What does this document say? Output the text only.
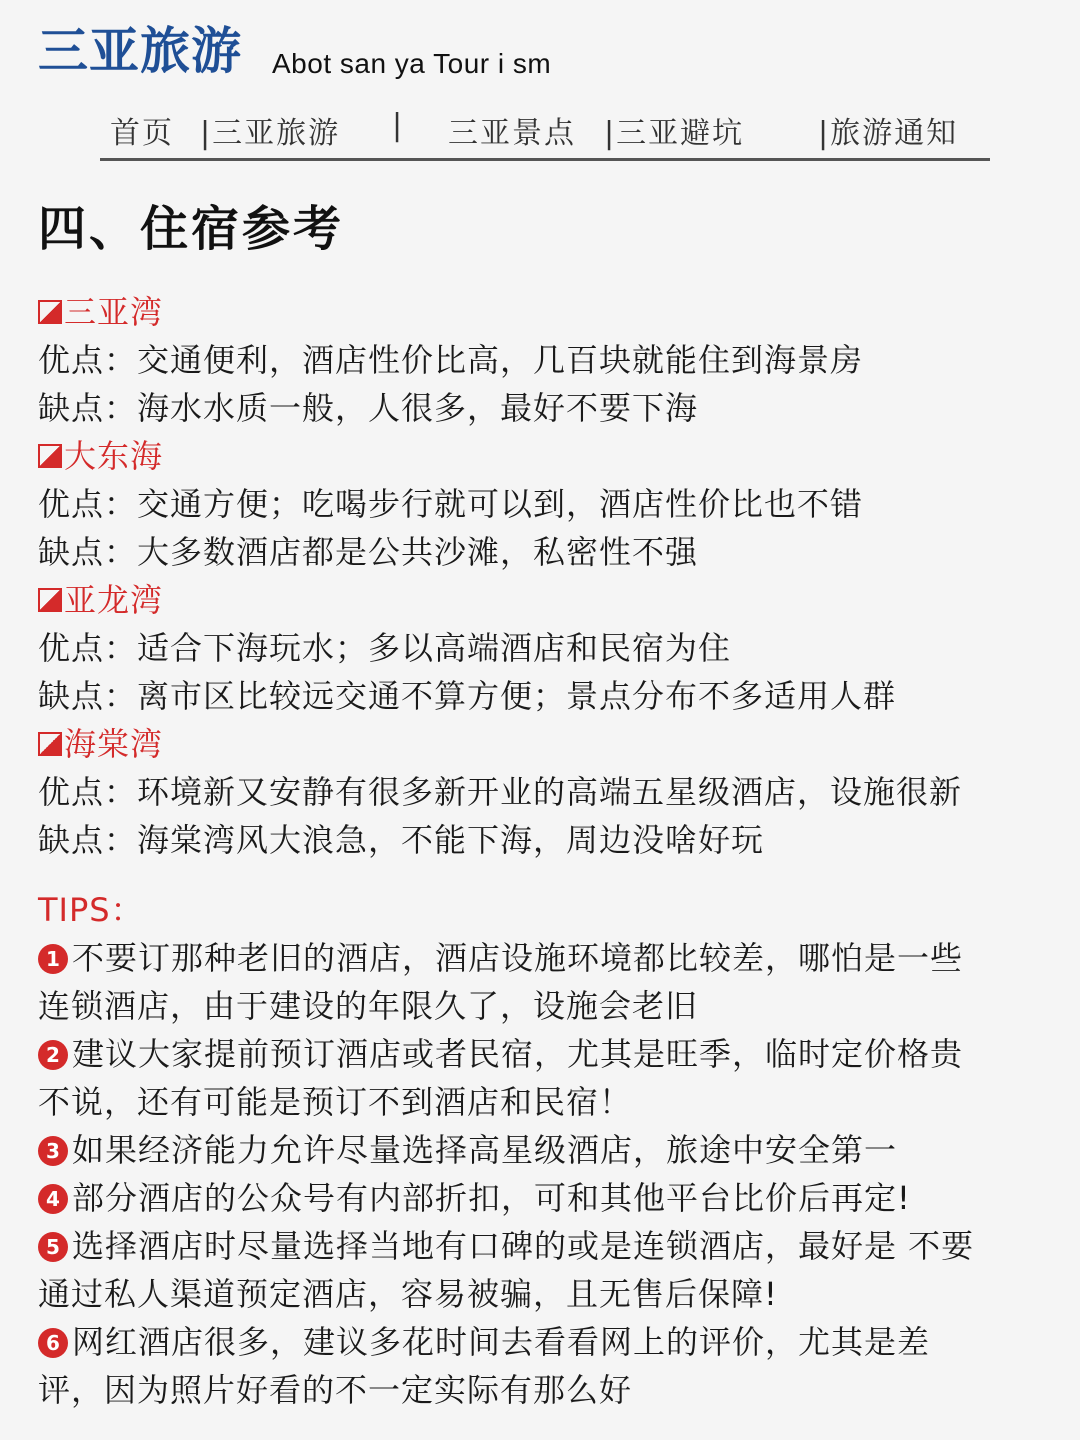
三亚旅游 Abot san ya Tour i sm
首页 |三亚旅游 | 三亚景点 |三亚避坑 |旅游通知
四、住宿参考
三亚湾
优点：交通便利，酒店性价比高，几百块就能住到海景房
缺点：海水水质一般，人很多，最好不要下海
大东海
优点：交通方便；吃喝步行就可以到，酒店性价比也不错
缺点：大多数酒店都是公共沙滩，私密性不强
亚龙湾
优点：适合下海玩水；多以高端酒店和民宿为住
缺点：离市区比较远交通不算方便；景点分布不多适用人群
海棠湾
优点：环境新又安静有很多新开业的高端五星级酒店，设施很新
缺点：海棠湾风大浪急，不能下海，周边没啥好玩
TIPS：
1 不要订那种老旧的酒店，酒店设施环境都比较差，哪怕是一些
连锁酒店，由于建设的年限久了，设施会老旧
2 建议大家提前预订酒店或者民宿，尤其是旺季，临时定价格贵
不说，还有可能是预订不到酒店和民宿！
3 如果经济能力允许尽量选择高星级酒店，旅途中安全第一
4 部分酒店的公众号有内部折扣，可和其他平台比价后再定!
5 选择酒店时尽量选择当地有口碑的或是连锁酒店，最好是 不要
通过私人渠道预定酒店，容易被骗，且无售后保障!
6 网红酒店很多，建议多花时间去看看网上的评价，尤其是差
评，因为照片好看的不一定实际有那么好
